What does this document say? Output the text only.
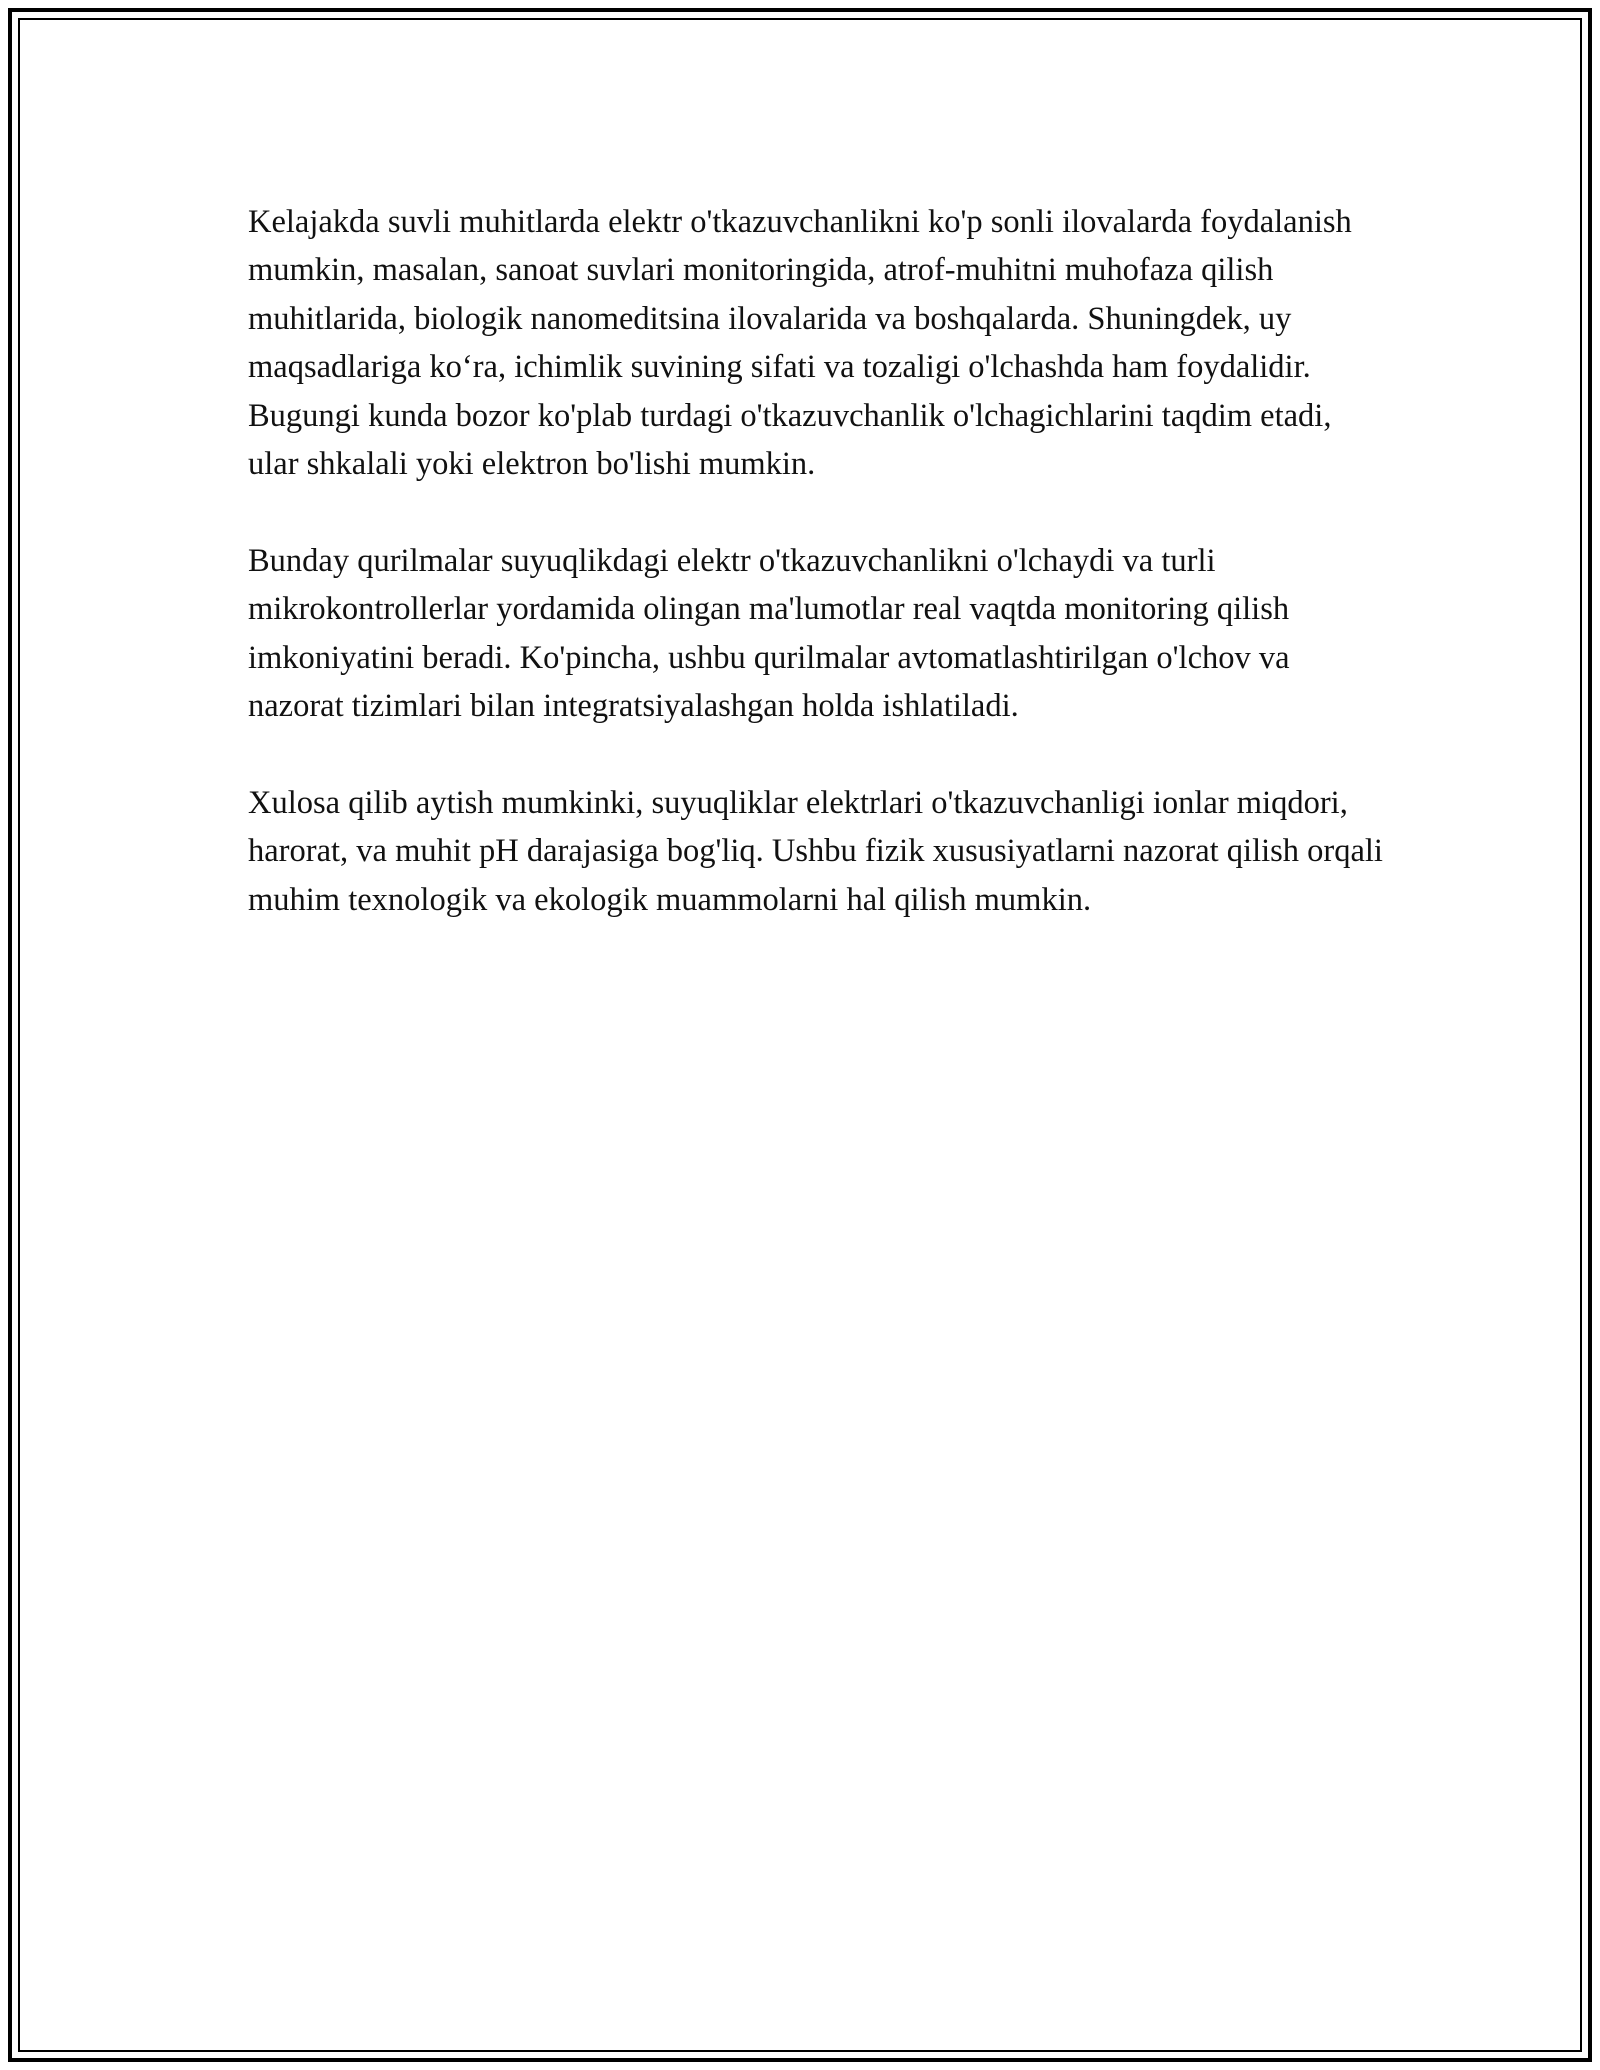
Kelajakda suvli muhitlarda elektr o'tkazuvchanlikni ko'p sonli ilovalarda foydalanish mumkin, masalan, sanoat suvlari monitoringida, atrof-muhitni muhofaza qilish muhitlarida, biologik nanomeditsina ilovalarida va boshqalarda. Shuningdek, uy maqsadlariga ko‘ra, ichimlik suvining sifati va tozaligi o'lchashda ham foydalidir. Bugungi kunda bozor ko'plab turdagi o'tkazuvchanlik o'lchagichlarini taqdim etadi, ular shkalali yoki elektron bo'lishi mumkin.

Bunday qurilmalar suyuqlikdagi elektr o'tkazuvchanlikni o'lchaydi va turli mikrokontrollerlar yordamida olingan ma'lumotlar real vaqtda monitoring qilish imkoniyatini beradi. Ko'pincha, ushbu qurilmalar avtomatlashtirilgan o'lchov va nazorat tizimlari bilan integratsiyalashgan holda ishlatiladi.

Xulosa qilib aytish mumkinki, suyuqliklar elektrlari o'tkazuvchanligi ionlar miqdori, harorat, va muhit pH darajasiga bog'liq. Ushbu fizik xususiyatlarni nazorat qilish orqali muhim texnologik va ekologik muammolarni hal qilish mumkin.
